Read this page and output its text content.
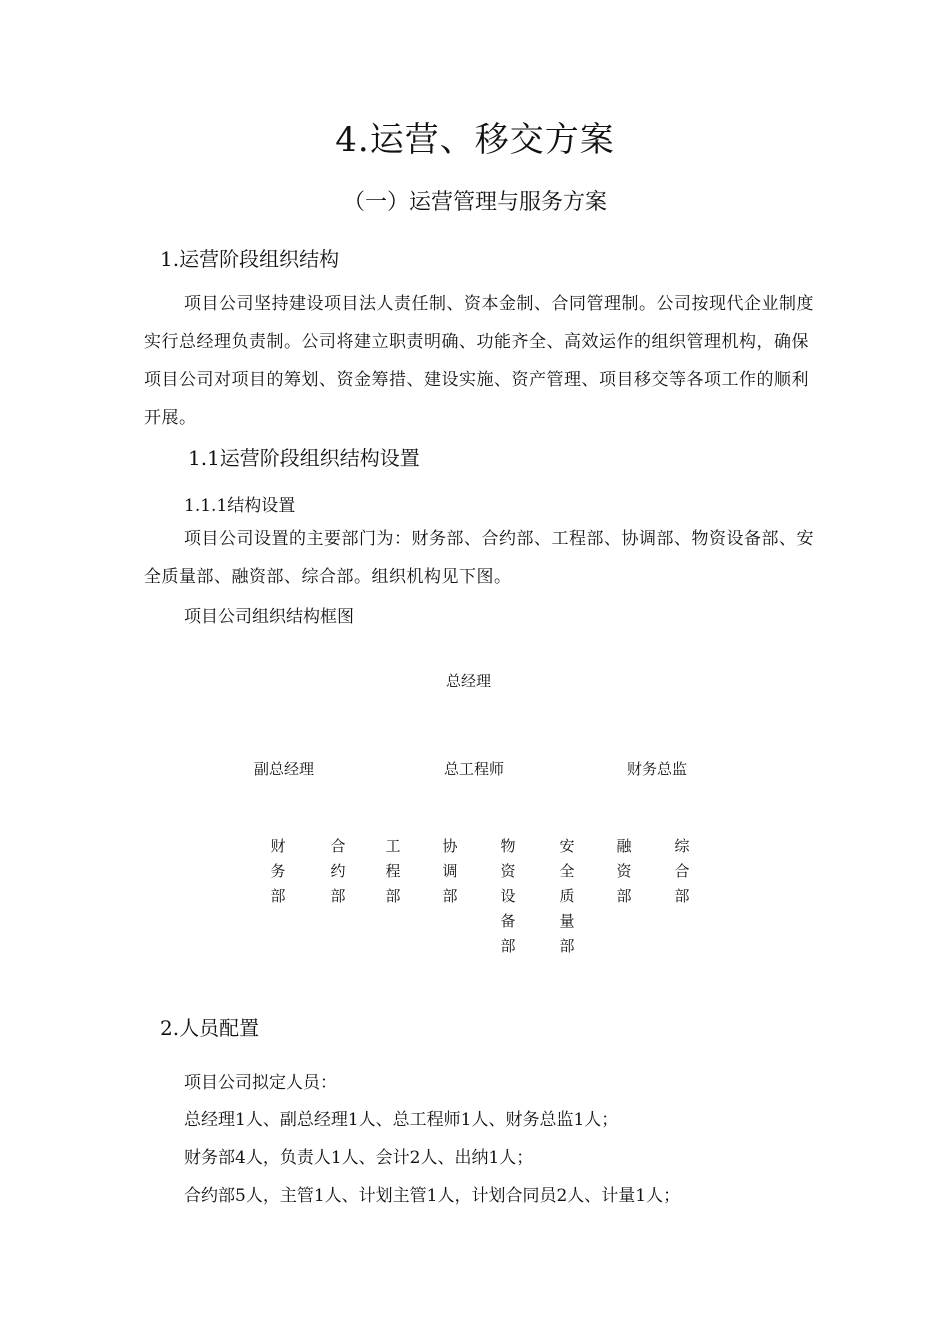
4.运营、移交方案
（一）运营管理与服务方案
1.运营阶段组织结构
项目公司坚持建设项目法人责任制、资本金制、合同管理制。公司按现代企业制度实行总经理负责制。公司将建立职责明确、功能齐全、高效运作的组织管理机构，确保项目公司对项目的筹划、资金筹措、建设实施、资产管理、项目移交等各项工作的顺利开展。
1.1运营阶段组织结构设置
1.1.1结构设置
项目公司设置的主要部门为：财务部、合约部、工程部、协调部、物资设备部、安全质量部、融资部、综合部。组织机构见下图。
项目公司组织结构框图
总经理
副总经理	总工程师	财务总监
2.人员配置
项目公司拟定人员：
总经理1人、副总经理1人、总工程师1人、财务总监1人；
财务部4人，负责人1人、会计2人、出纳1人；
合约部5人，主管1人、计划主管1人，计划合同员2人、计量1人；
财
务
部
合
约
部
工
程
部
协
调
部
物
资
设
备
部
安
全
质
量
部
融
资
部
综
合
部
